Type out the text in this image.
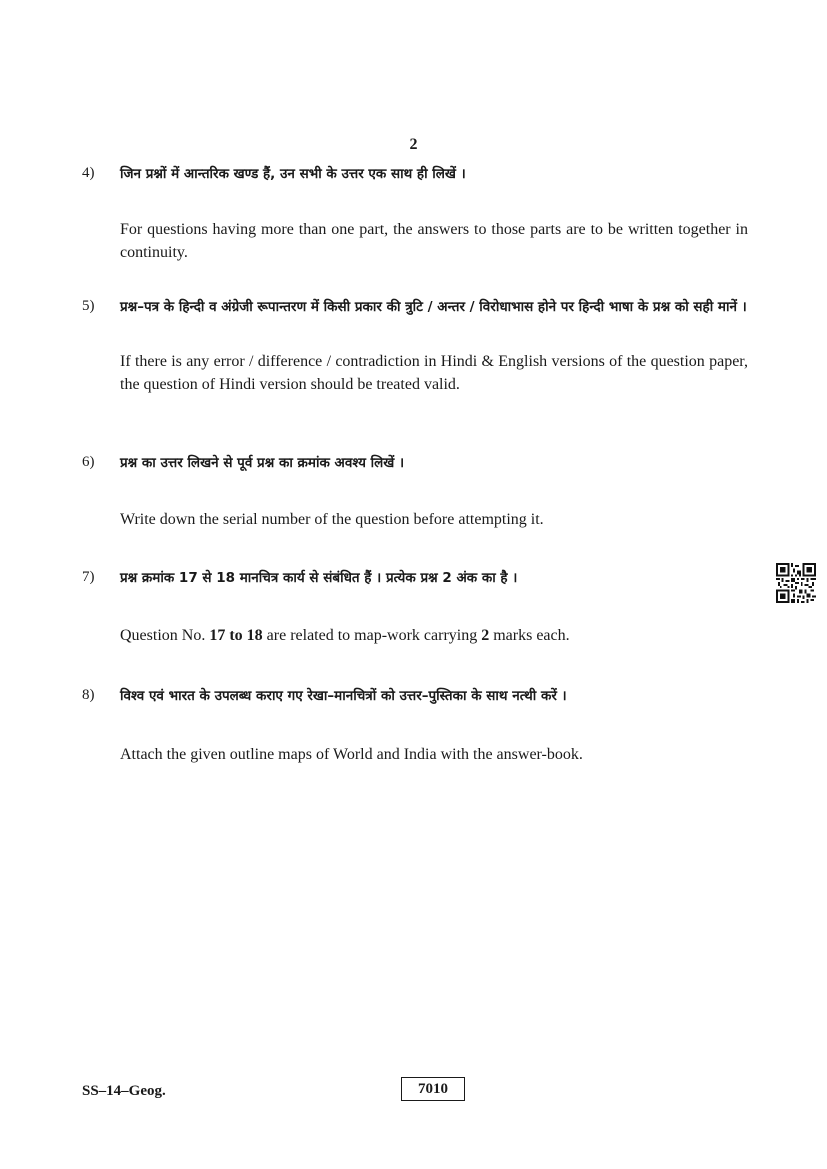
2
4) जिन प्रश्नों में आन्तरिक खण्ड हैं, उन सभी के उत्तर एक साथ ही लिखें ।
For questions having more than one part, the answers to those parts are to be written together in continuity.
5) प्रश्न–पत्र के हिन्दी व अंग्रेजी रूपान्तरण में किसी प्रकार की त्रुटि / अन्तर / विरोधाभास होने पर हिन्दी भाषा के प्रश्न को सही मानें ।
If there is any error / difference / contradiction in Hindi & English versions of the question paper, the question of Hindi version should be treated valid.
6) प्रश्न का उत्तर लिखने से पूर्व प्रश्न का क्रमांक अवश्य लिखें ।
Write down the serial number of the question before attempting it.
7) प्रश्न क्रमांक 17 से 18 मानचित्र कार्य से संबंधित हैं । प्रत्येक प्रश्न 2 अंक का है ।
Question No. 17 to 18 are related to map-work carrying 2 marks each.
8) विश्व एवं भारत के उपलब्ध कराए गए रेखा–मानचित्रों को उत्तर–पुस्तिका के साथ नत्थी करें ।
Attach the given outline maps of World and India with the answer-book.
SS–14–Geog.	7010
